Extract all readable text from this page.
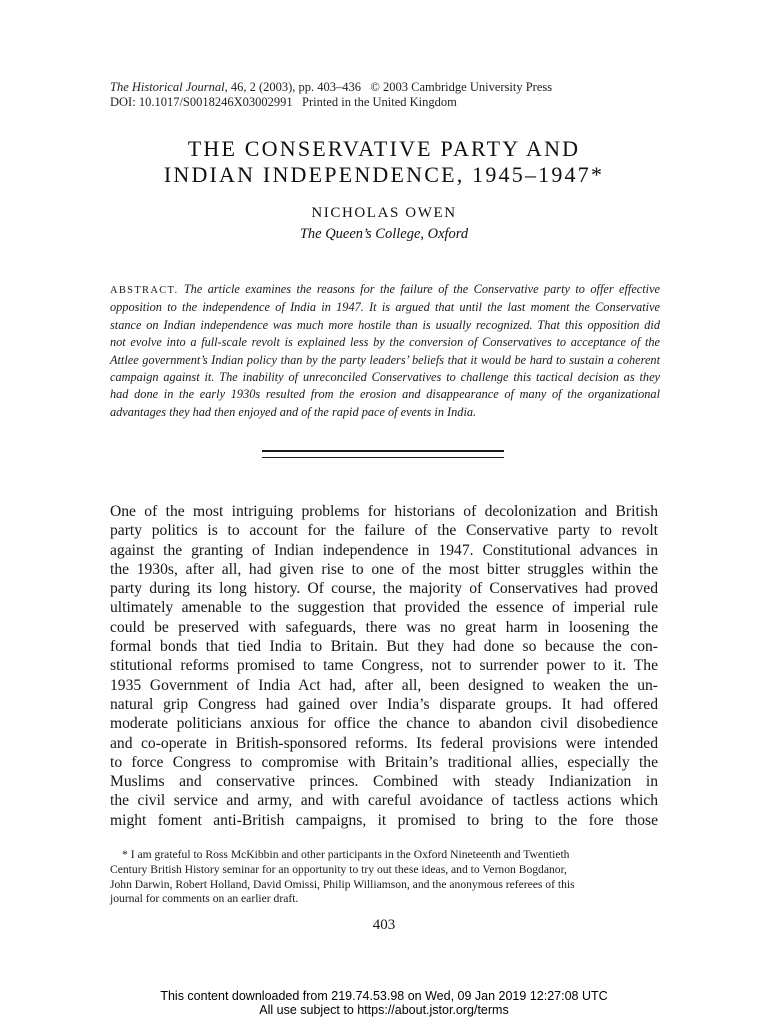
The Historical Journal, 46, 2 (2003), pp. 403–436   © 2003 Cambridge University Press
DOI: 10.1017/S0018246X03002991   Printed in the United Kingdom
THE CONSERVATIVE PARTY AND
INDIAN INDEPENDENCE, 1945–1947*
NICHOLAS OWEN
The Queen’s College, Oxford
ABSTRACT. The article examines the reasons for the failure of the Conservative party to offer effective
opposition to the independence of India in 1947. It is argued that until the last moment the Conservative
stance on Indian independence was much more hostile than is usually recognized. That this opposition did
not evolve into a full-scale revolt is explained less by the conversion of Conservatives to acceptance of the
Attlee government’s Indian policy than by the party leaders’ beliefs that it would be hard to sustain a coherent
campaign against it. The inability of unreconciled Conservatives to challenge this tactical decision as they
had done in the early 1930s resulted from the erosion and disappearance of many of the organizational
advantages they had then enjoyed and of the rapid pace of events in India.
One of the most intriguing problems for historians of decolonization and British
party politics is to account for the failure of the Conservative party to revolt
against the granting of Indian independence in 1947. Constitutional advances in
the 1930s, after all, had given rise to one of the most bitter struggles within the
party during its long history. Of course, the majority of Conservatives had proved
ultimately amenable to the suggestion that provided the essence of imperial rule
could be preserved with safeguards, there was no great harm in loosening the
formal bonds that tied India to Britain. But they had done so because the con-
stitutional reforms promised to tame Congress, not to surrender power to it. The
1935 Government of India Act had, after all, been designed to weaken the un-
natural grip Congress had gained over India’s disparate groups. It had offered
moderate politicians anxious for office the chance to abandon civil disobedience
and co-operate in British-sponsored reforms. Its federal provisions were intended
to force Congress to compromise with Britain’s traditional allies, especially the
Muslims and conservative princes. Combined with steady Indianization in
the civil service and army, and with careful avoidance of tactless actions which
might foment anti-British campaigns, it promised to bring to the fore those
* I am grateful to Ross McKibbin and other participants in the Oxford Nineteenth and Twentieth
Century British History seminar for an opportunity to try out these ideas, and to Vernon Bogdanor,
John Darwin, Robert Holland, David Omissi, Philip Williamson, and the anonymous referees of this
journal for comments on an earlier draft.
403
This content downloaded from 219.74.53.98 on Wed, 09 Jan 2019 12:27:08 UTC
All use subject to https://about.jstor.org/terms
